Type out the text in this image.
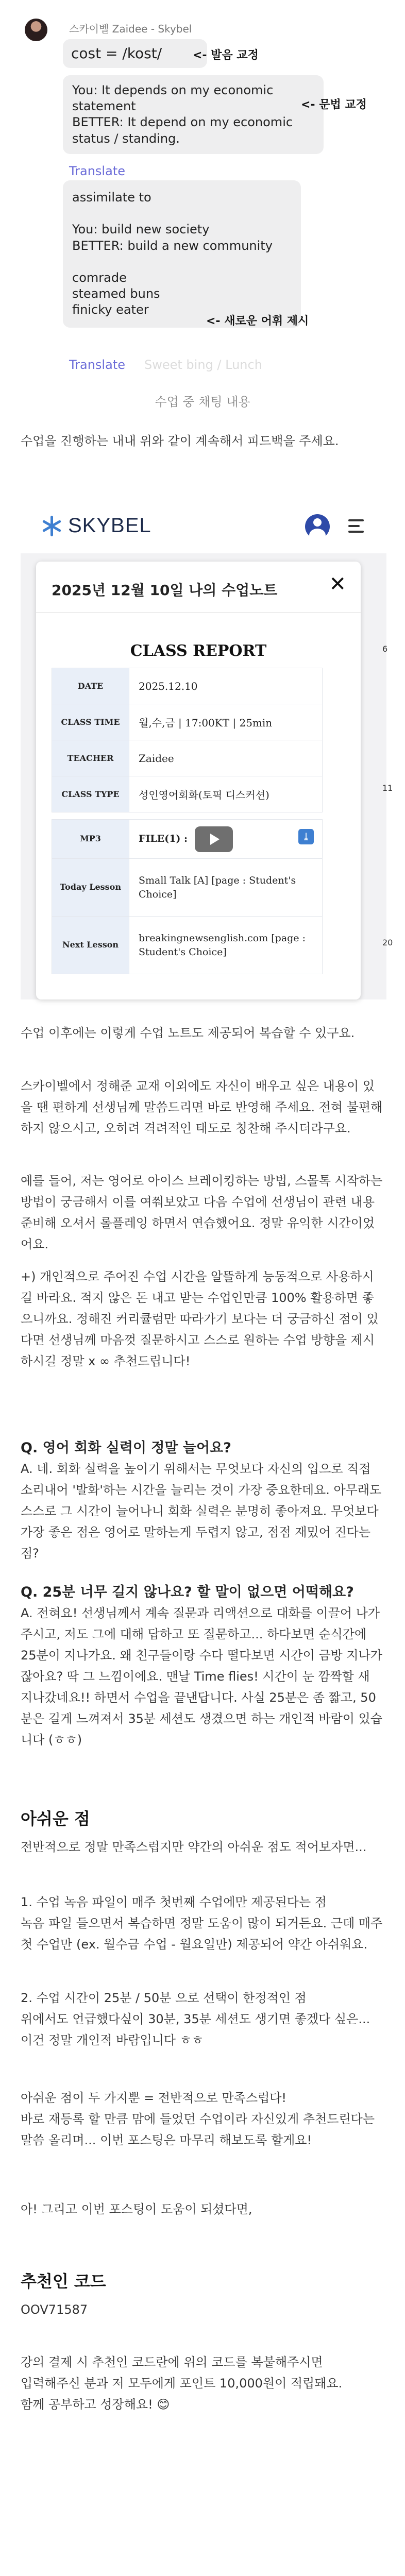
스카이벨 Zaidee - Skybel

cost = /kost/	<- 발음 교정

You: It depends on my economic statement
BETTER: It depend on my economic status / standing.

<- 문법 교정
Translate

assimilate to

You: build new society
BETTER: build a new community

comrade
steamed buns
finicky eater

<- 새로운 어휘 제시
Translate Sweet bing / Lunch
수업 중 채팅 내용
수업을 진행하는 내내 위와 같이 계속해서 피드백을 주세요.
SKYBEL
6
11
20
2025년 12월 10일 나의 수업노트	✕
CLASS REPORT
DATE	2025.12.10
CLASS TIME	월,수,금 | 17:00KT | 25min
TEACHER	Zaidee
CLASS TYPE	성인영어회화(토픽 디스커션)
MP3	FILE(1) : ⤓

Today Lesson	Small Talk [A] [page : Student's Choice]
Next Lesson	breakingnewsenglish.com [page : Student's Choice]

수업 이후에는 이렇게 수업 노트도 제공되어 복습할 수 있구요.

스카이벨에서 정해준 교재 이외에도 자신이 배우고 싶은 내용이 있을 땐 편하게 선생님께 말씀드리면 바로 반영해 주세요. 전혀 불편해 하지 않으시고, 오히려 격려적인 태도로 칭찬해 주시더라구요.

예를 들어, 저는 영어로 아이스 브레이킹하는 방법, 스몰톡 시작하는 방법이 궁금해서 이를 여쭤보았고 다음 수업에 선생님이 관련 내용 준비해 오셔서 롤플레잉 하면서 연습했어요. 정말 유익한 시간이었어요.

+) 개인적으로 주어진 수업 시간을 알뜰하게 능동적으로 사용하시길 바라요. 적지 않은 돈 내고 받는 수업인만큼 100% 활용하면 좋으니까요. 정해진 커리큘럼만 따라가기 보다는 더 궁금하신 점이 있다면 선생님께 마음껏 질문하시고 스스로 원하는 수업 방향을 제시하시길 정말 x ∞ 추천드립니다!

Q. 영어 회화 실력이 정말 늘어요?

A. 네. 회화 실력을 높이기 위해서는 무엇보다 자신의 입으로 직접 소리내어 '발화'하는 시간을 늘리는 것이 가장 중요한데요. 아무래도 스스로 그 시간이 늘어나니 회화 실력은 분명히 좋아져요. 무엇보다 가장 좋은 점은 영어로 말하는게 두렵지 않고, 점점 재밌어 진다는 점?

Q. 25분 너무 길지 않나요? 할 말이 없으면 어떡해요?

A. 전혀요! 선생님께서 계속 질문과 리액션으로 대화를 이끌어 나가주시고, 저도 그에 대해 답하고 또 질문하고... 하다보면 순식간에 25분이 지나가요. 왜 친구들이랑 수다 떨다보면 시간이 금방 지나가잖아요? 딱 그 느낌이에요. 맨날 Time flies! 시간이 눈 깜짝할 새 지나갔네요!! 하면서 수업을 끝낸답니다. 사실 25분은 좀 짧고, 50분은 길게 느껴져서 35분 세션도 생겼으면 하는 개인적 바람이 있습니다 (ㅎㅎ)

아쉬운 점

전반적으로 정말 만족스럽지만 약간의 아쉬운 점도 적어보자면...

1. 수업 녹음 파일이 매주 첫번째 수업에만 제공된다는 점
녹음 파일 들으면서 복습하면 정말 도움이 많이 되거든요. 근데 매주 첫 수업만 (ex. 월수금 수업 - 월요일만) 제공되어 약간 아쉬워요.

2. 수업 시간이 25분 / 50분 으로 선택이 한정적인 점
위에서도 언급했다싶이 30분, 35분 세션도 생기면 좋겠다 싶은... 이건 정말 개인적 바람입니다 ㅎㅎ

아쉬운 점이 두 가지뿐 = 전반적으로 만족스럽다!
바로 재등록 할 만큼 맘에 들었던 수업이라 자신있게 추천드린다는 말씀 올리며... 이번 포스팅은 마무리 해보도록 할게요!

아! 그리고 이번 포스팅이 도움이 되셨다면,

추천인 코드

OOV71587

강의 결제 시 추천인 코드란에 위의 코드를 복붙해주시면
입력해주신 분과 저 모두에게 포인트 10,000원이 적립돼요.
함께 공부하고 성장해요! 😊
